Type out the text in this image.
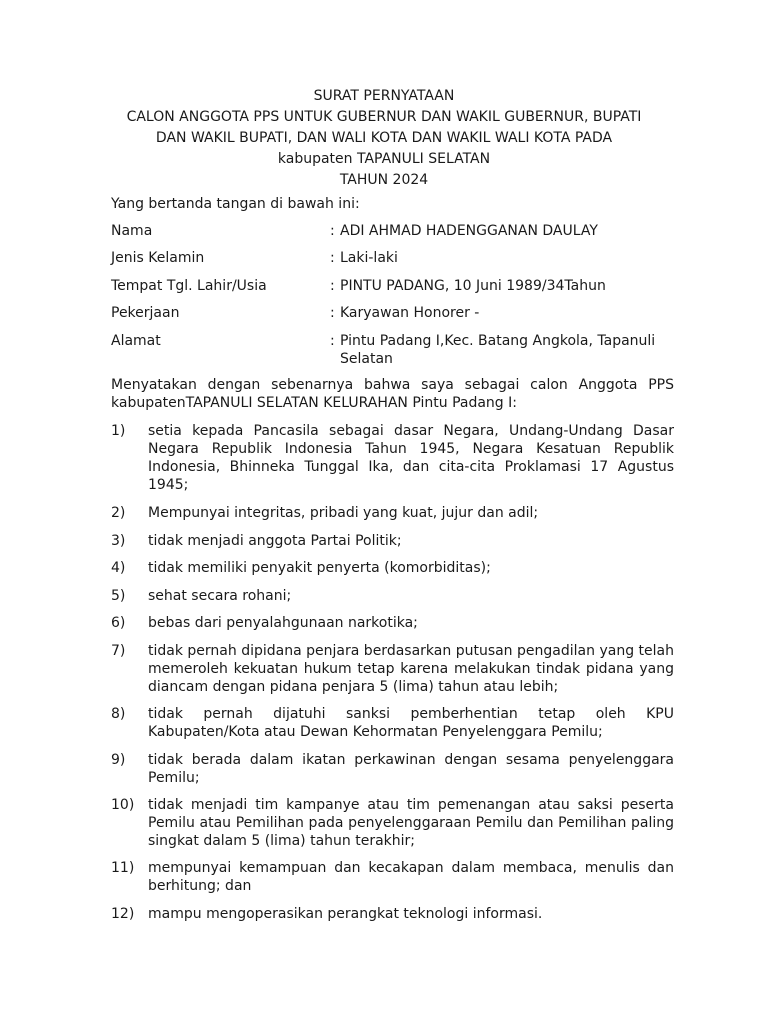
SURAT PERNYATAAN
CALON ANGGOTA PPS UNTUK GUBERNUR DAN WAKIL GUBERNUR, BUPATI
DAN WAKIL BUPATI, DAN WALI KOTA DAN WAKIL WALI KOTA PADA
kabupaten TAPANULI SELATAN
TAHUN 2024
Yang bertanda tangan di bawah ini:
Nama	: ADI AHMAD HADENGGANAN DAULAY
Jenis Kelamin	: Laki-laki
Tempat Tgl. Lahir/Usia	: PINTU PADANG, 10 Juni 1989/34Tahun
Pekerjaan	: Karyawan Honorer -
Alamat	: Pintu Padang I,Kec. Batang Angkola, Tapanuli Selatan
Menyatakan dengan sebenarnya bahwa saya sebagai calon Anggota PPS kabupatenTAPANULI SELATAN KELURAHAN Pintu Padang I:
1) setia kepada Pancasila sebagai dasar Negara, Undang-Undang Dasar Negara Republik Indonesia Tahun 1945, Negara Kesatuan Republik Indonesia, Bhinneka Tunggal Ika, dan cita-cita Proklamasi 17 Agustus 1945;
2) Mempunyai integritas, pribadi yang kuat, jujur dan adil;
3) tidak menjadi anggota Partai Politik;
4) tidak memiliki penyakit penyerta (komorbiditas);
5) sehat secara rohani;
6) bebas dari penyalahgunaan narkotika;
7) tidak pernah dipidana penjara berdasarkan putusan pengadilan yang telah memeroleh kekuatan hukum tetap karena melakukan tindak pidana yang diancam dengan pidana penjara 5 (lima) tahun atau lebih;
8) tidak pernah dijatuhi sanksi pemberhentian tetap oleh KPU Kabupaten/Kota atau Dewan Kehormatan Penyelenggara Pemilu;
9) tidak berada dalam ikatan perkawinan dengan sesama penyelenggara Pemilu;
10) tidak menjadi tim kampanye atau tim pemenangan atau saksi peserta Pemilu atau Pemilihan pada penyelenggaraan Pemilu dan Pemilihan paling singkat dalam 5 (lima) tahun terakhir;
11) mempunyai kemampuan dan kecakapan dalam membaca, menulis dan berhitung; dan
12) mampu mengoperasikan perangkat teknologi informasi.
